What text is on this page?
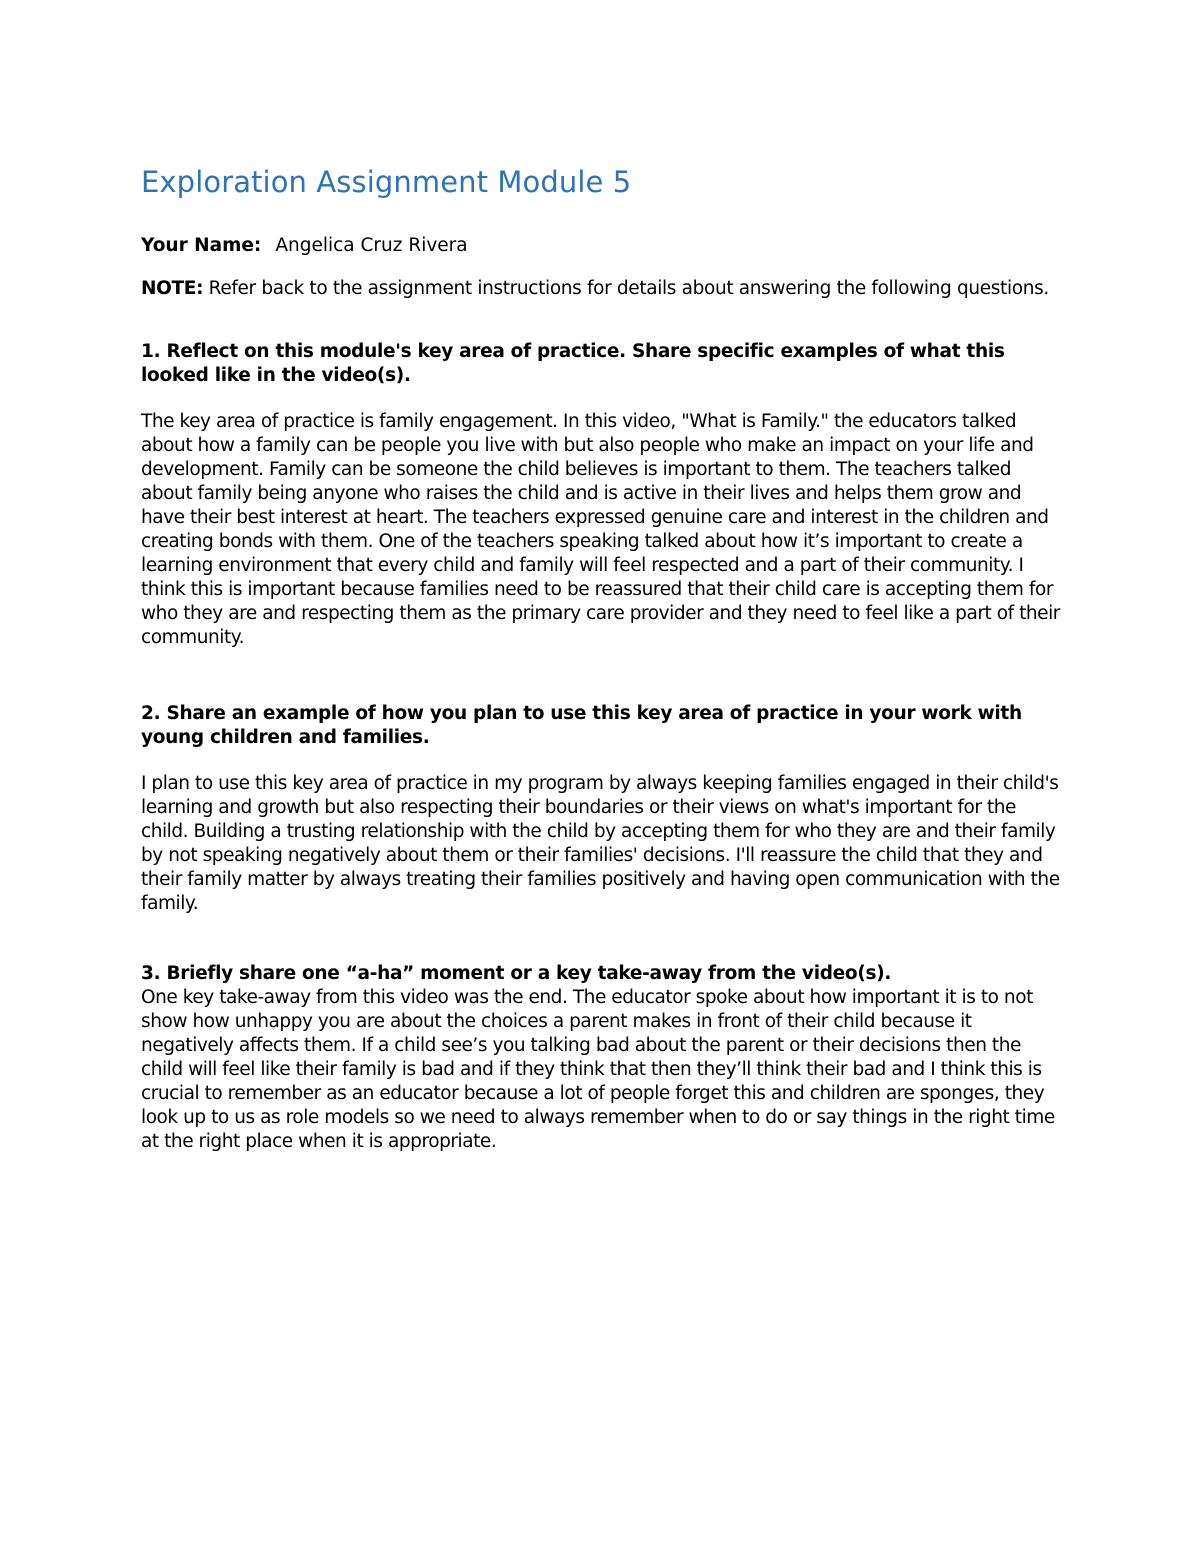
Exploration Assignment Module 5

Your Name: Angelica Cruz Rivera

NOTE: Refer back to the assignment instructions for details about answering the following questions.

1. Reflect on this module's key area of practice. Share specific examples of what this looked like in the video(s).

The key area of practice is family engagement. In this video, "What is Family." the educators talked about how a family can be people you live with but also people who make an impact on your life and development. Family can be someone the child believes is important to them. The teachers talked about family being anyone who raises the child and is active in their lives and helps them grow and have their best interest at heart. The teachers expressed genuine care and interest in the children and creating bonds with them. One of the teachers speaking talked about how it’s important to create a learning environment that every child and family will feel respected and a part of their community. I think this is important because families need to be reassured that their child care is accepting them for who they are and respecting them as the primary care provider and they need to feel like a part of their community.

2. Share an example of how you plan to use this key area of practice in your work with young children and families.

I plan to use this key area of practice in my program by always keeping families engaged in their child's learning and growth but also respecting their boundaries or their views on what's important for the child. Building a trusting relationship with the child by accepting them for who they are and their family by not speaking negatively about them or their families' decisions. I'll reassure the child that they and their family matter by always treating their families positively and having open communication with the family.

3. Briefly share one “a-ha” moment or a key take-away from the video(s).

One key take-away from this video was the end. The educator spoke about how important it is to not show how unhappy you are about the choices a parent makes in front of their child because it negatively affects them. If a child see’s you talking bad about the parent or their decisions then the child will feel like their family is bad and if they think that then they’ll think their bad and I think this is crucial to remember as an educator because a lot of people forget this and children are sponges, they look up to us as role models so we need to always remember when to do or say things in the right time at the right place when it is appropriate.
